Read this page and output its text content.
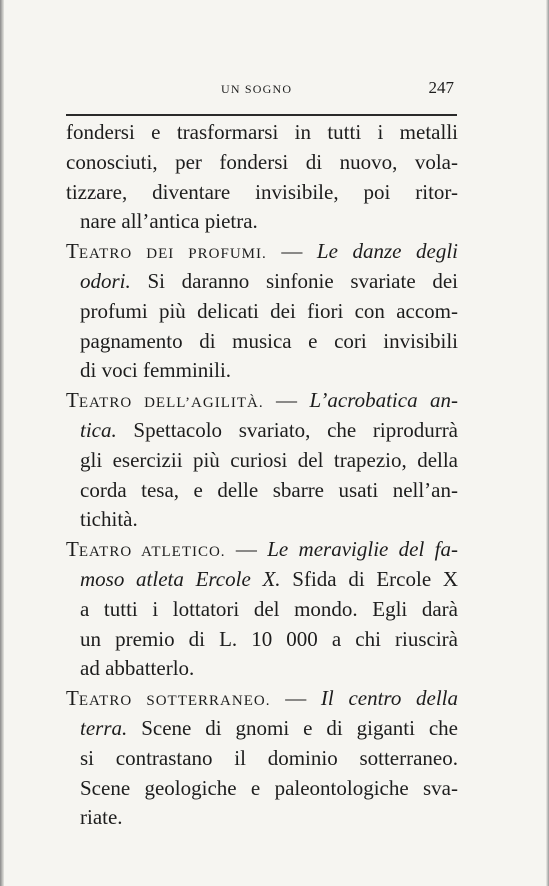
UN SOGNO	247
fondersi e trasformarsi in tutti i metalli
conosciuti, per fondersi di nuovo, vola-
tizzare, diventare invisibile, poi ritor-
nare all’antica pietra.
TEATRO DEI PROFUMI. — Le danze degli
odori. Si daranno sinfonie svariate dei
profumi più delicati dei fiori con accom-
pagnamento di musica e cori invisibili
di voci femminili.
TEATRO DELL’AGILITÀ. — L’acrobatica an-
tica. Spettacolo svariato, che riprodurrà
gli esercizii più curiosi del trapezio, della
corda tesa, e delle sbarre usati nell’an-
tichità.
TEATRO ATLETICO. — Le meraviglie del fa-
moso atleta Ercole X. Sfida di Ercole X
a tutti i lottatori del mondo. Egli darà
un premio di L. 10 000 a chi riuscirà
ad abbatterlo.
TEATRO SOTTERRANEO. — Il centro della
terra. Scene di gnomi e di giganti che
si contrastano il dominio sotterraneo.
Scene geologiche e paleontologiche sva-
riate.
